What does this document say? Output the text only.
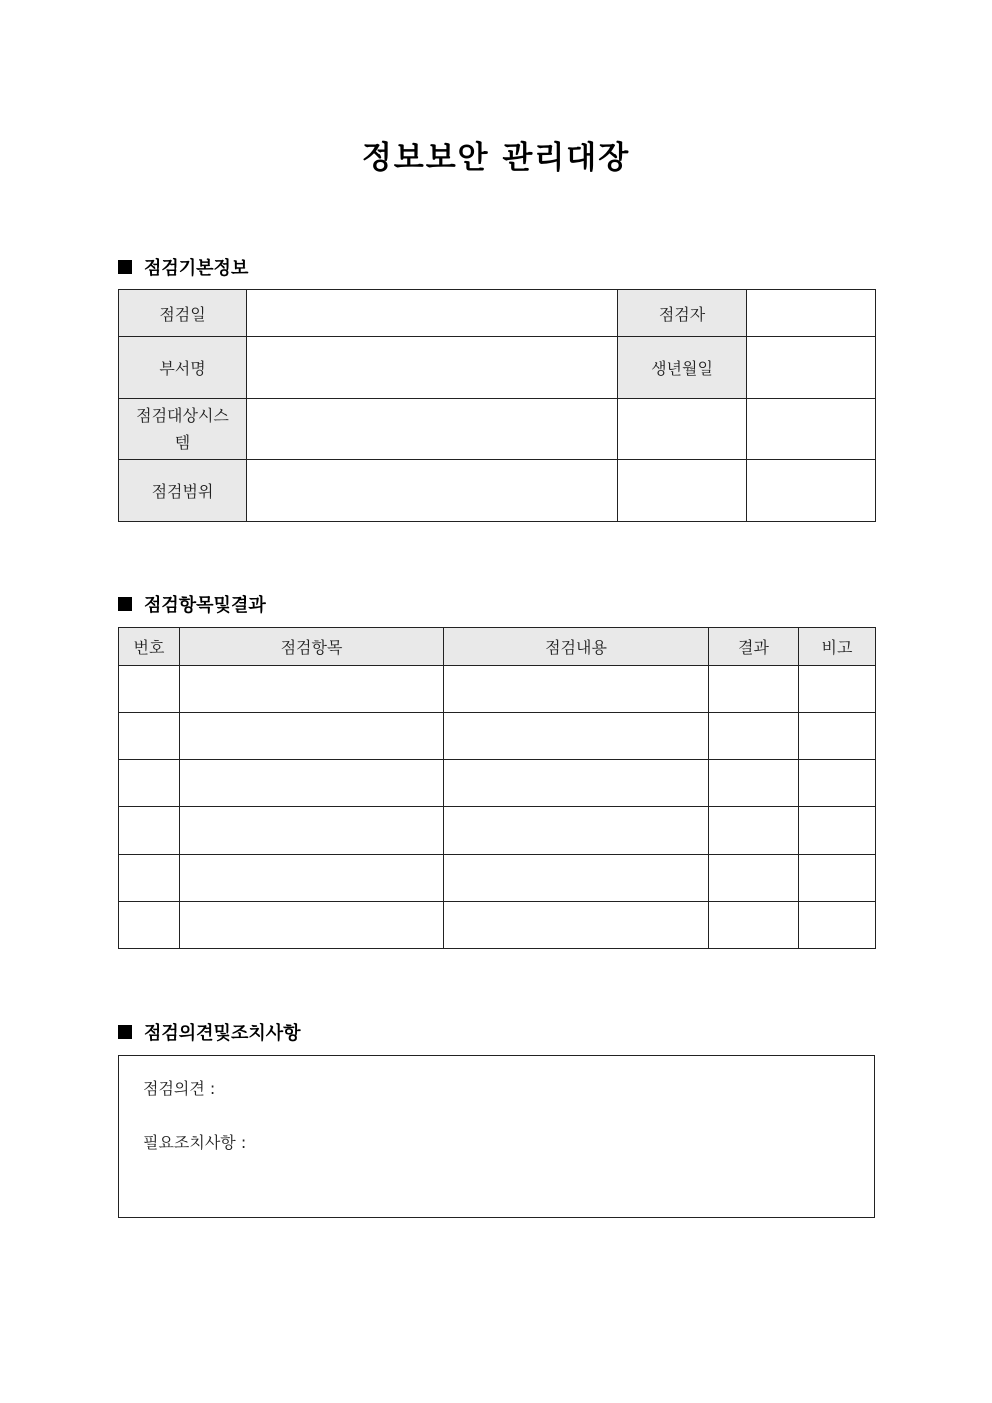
정보보안 관리대장
점검기본정보
점검일		점검자	
부서명		생년월일	
점검대상시스
템			
점검범위			
점검항목및결과
번호	점검항목	점검내용	결과	비고

점검의견및조치사항
점검의견 :
필요조치사항 :
